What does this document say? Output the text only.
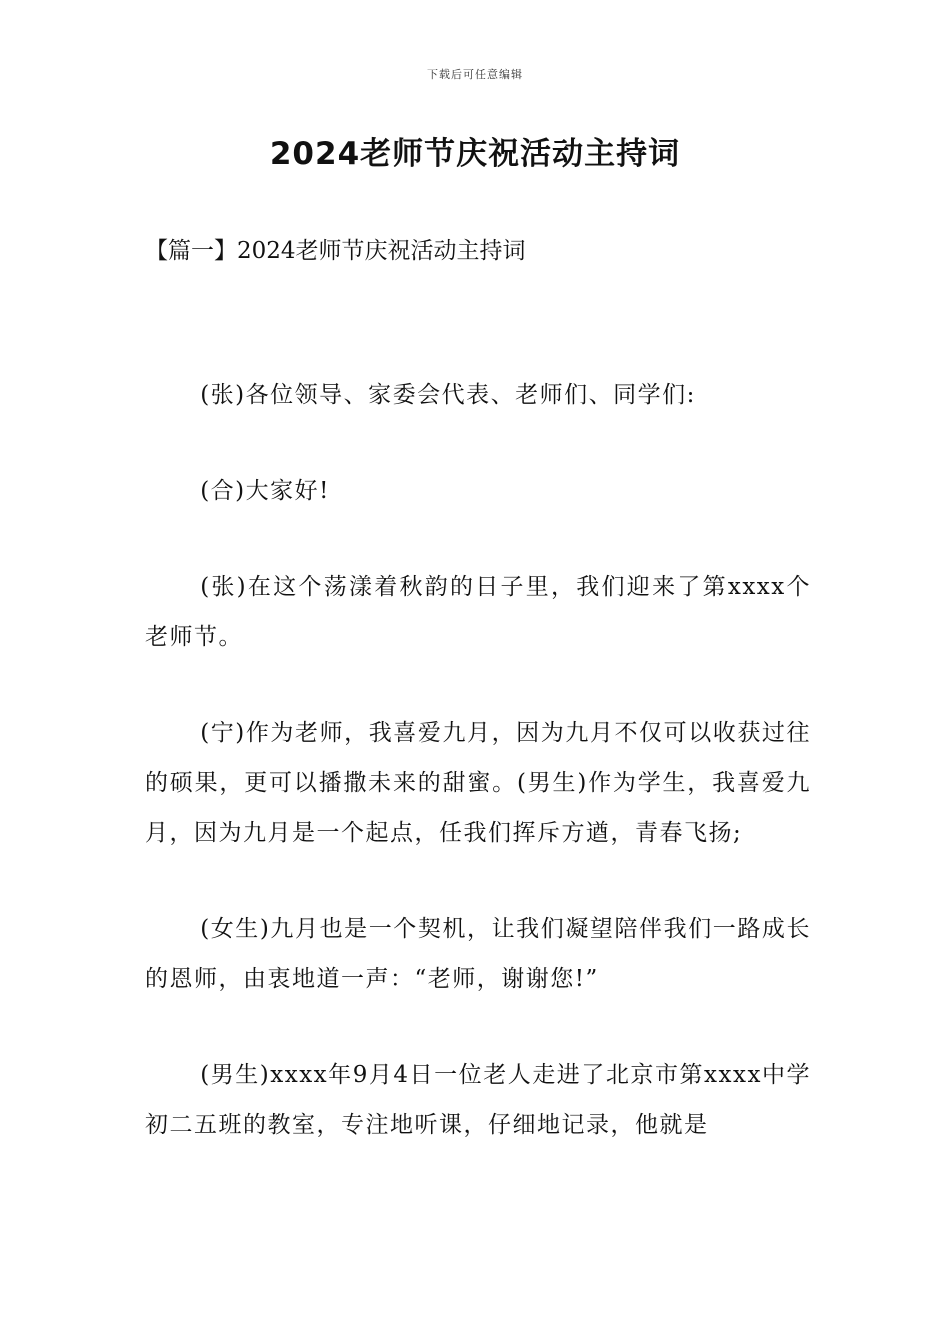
下载后可任意编辑
2024老师节庆祝活动主持词
【篇一】2024老师节庆祝活动主持词

(张)各位领导、家委会代表、老师们、同学们:

(合)大家好!

(张)在这个荡漾着秋韵的日子里，我们迎来了第xxxx个老师节。

(宁)作为老师，我喜爱九月，因为九月不仅可以收获过往的硕果，更可以播撒未来的甜蜜。(男生)作为学生，我喜爱九月，因为九月是一个起点，任我们挥斥方遒，青春飞扬;

(女生)九月也是一个契机，让我们凝望陪伴我们一路成长的恩师，由衷地道一声：“老师，谢谢您!”

(男生)xxxx年9月4日一位老人走进了北京市第xxxx中学初二五班的教室，专注地听课，仔细地记录，他就是
